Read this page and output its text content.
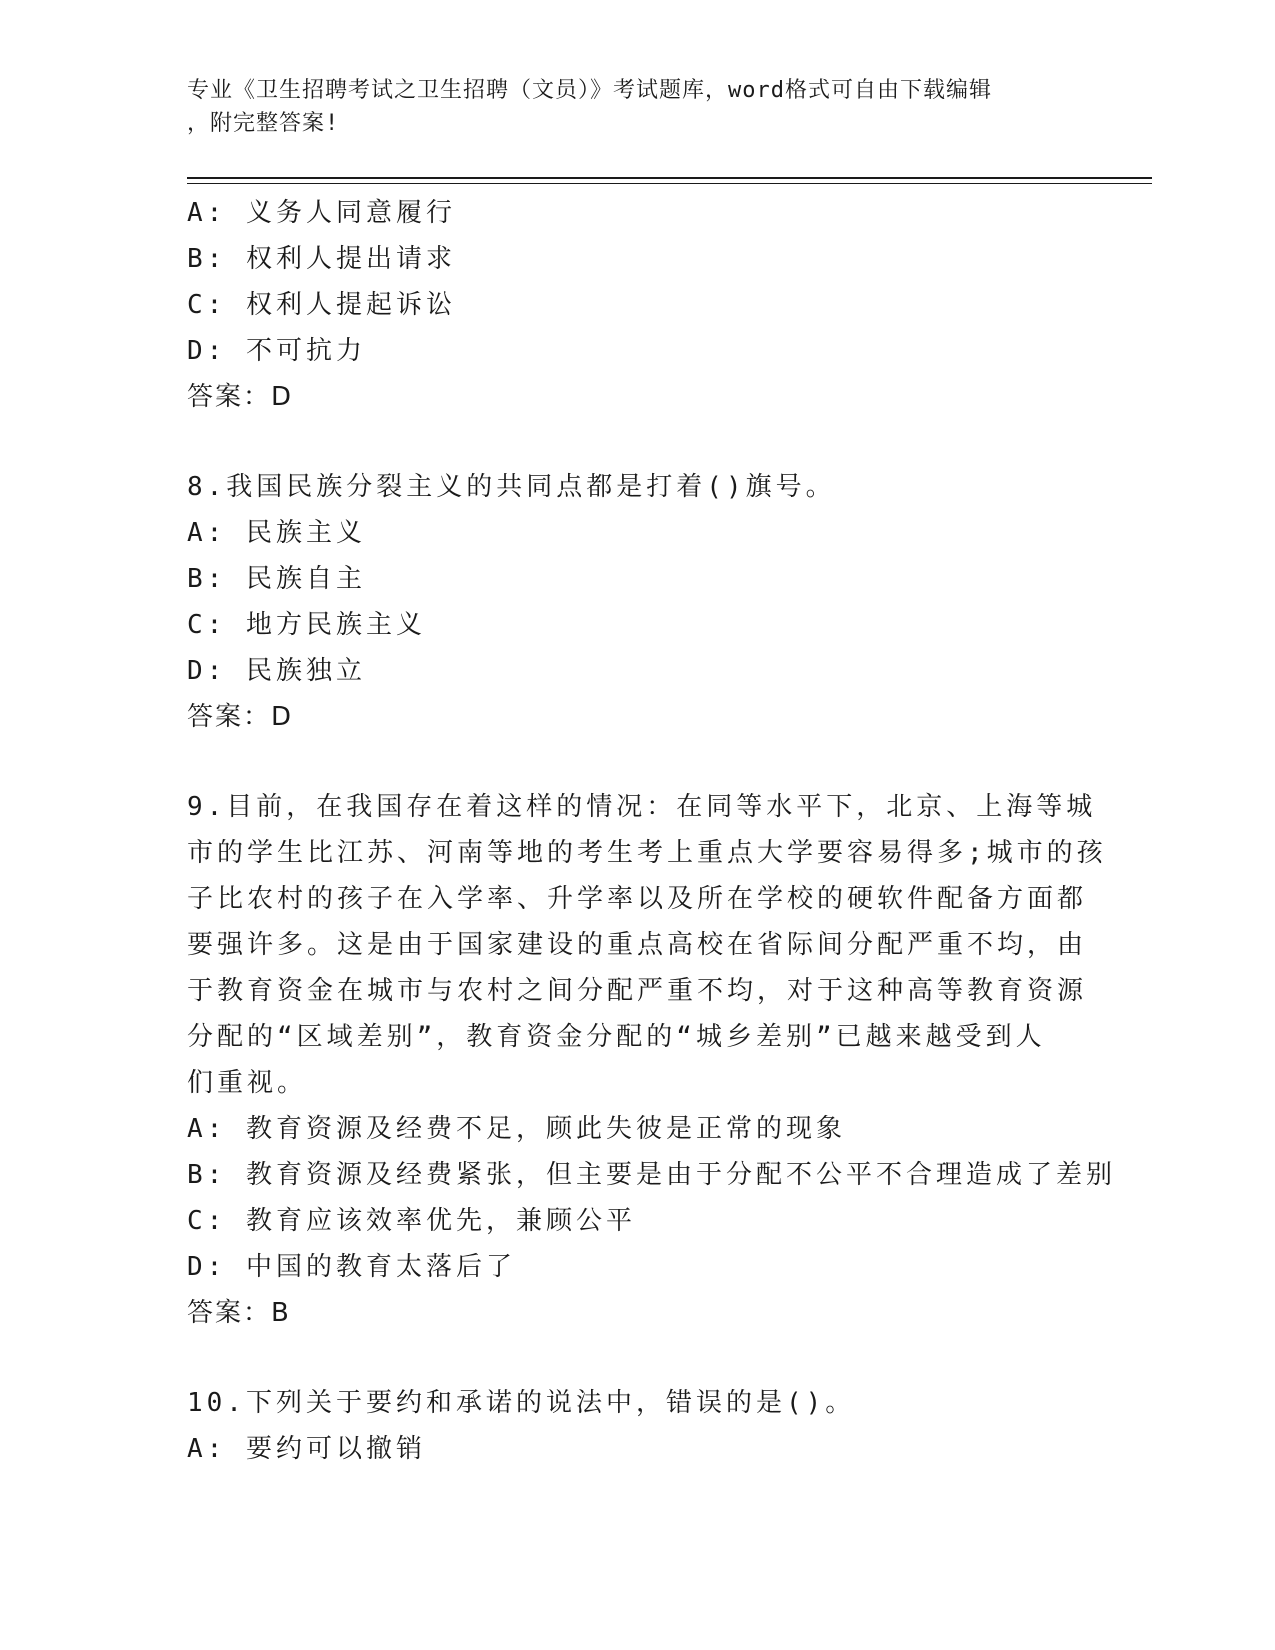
专业《卫生招聘考试之卫生招聘（文员）》考试题库，word格式可自由下载编辑
，附完整答案!
A: 义务人同意履行
B: 权利人提出请求
C: 权利人提起诉讼
D: 不可抗力
答案：D
8.我国民族分裂主义的共同点都是打着()旗号。
A: 民族主义
B: 民族自主
C: 地方民族主义
D: 民族独立
答案：D
9.目前，在我国存在着这样的情况：在同等水平下，北京、上海等城
市的学生比江苏、河南等地的考生考上重点大学要容易得多;城市的孩
子比农村的孩子在入学率、升学率以及所在学校的硬软件配备方面都
要强许多。这是由于国家建设的重点高校在省际间分配严重不均，由
于教育资金在城市与农村之间分配严重不均，对于这种高等教育资源
分配的“区域差别”，教育资金分配的“城乡差别”已越来越受到人
们重视。
A: 教育资源及经费不足，顾此失彼是正常的现象
B: 教育资源及经费紧张，但主要是由于分配不公平不合理造成了差别
C: 教育应该效率优先，兼顾公平
D: 中国的教育太落后了
答案：B
10.下列关于要约和承诺的说法中，错误的是()。
A: 要约可以撤销
